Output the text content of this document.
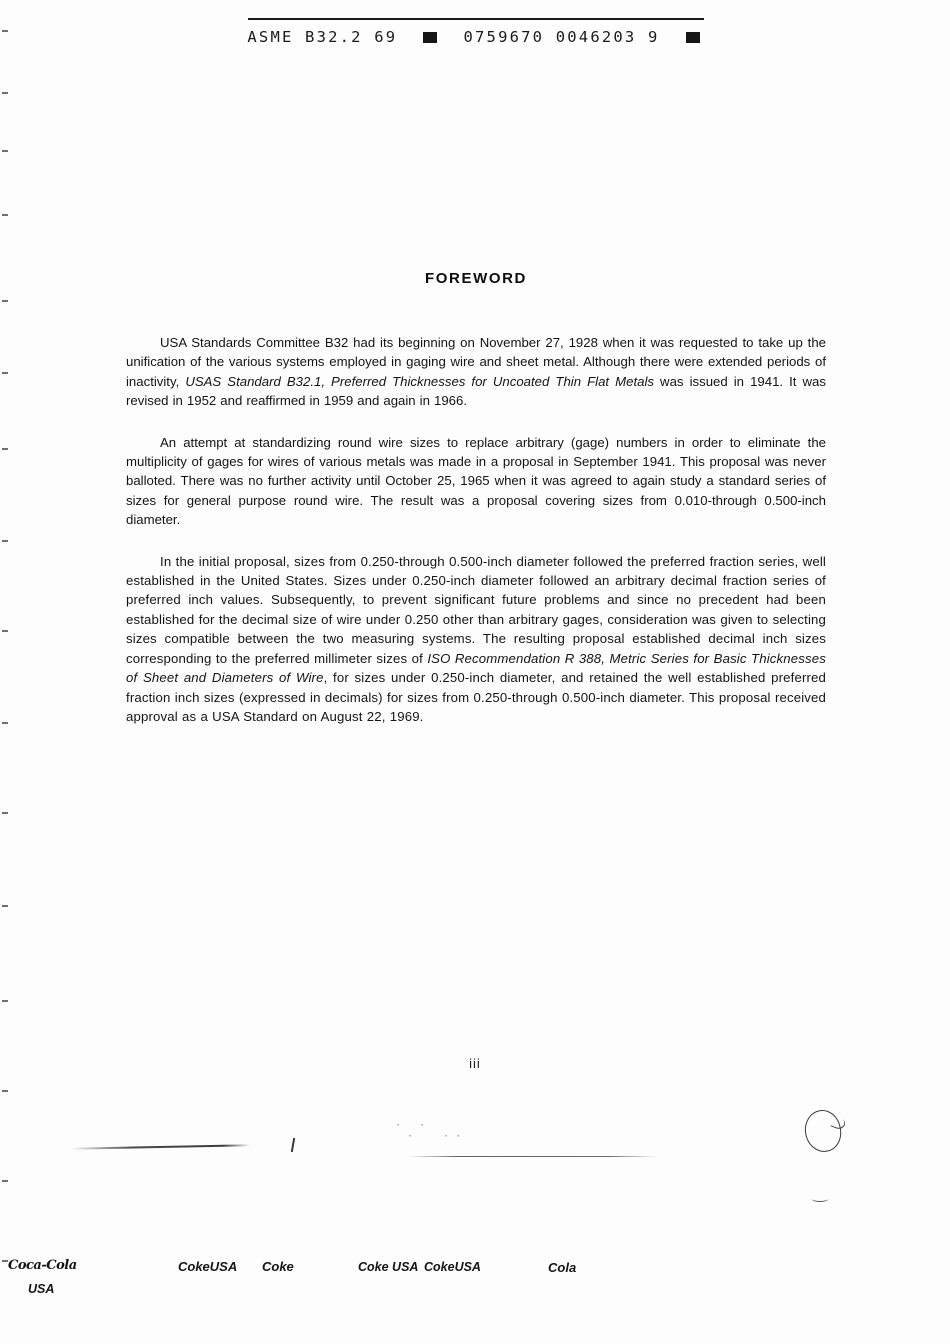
ASME B32.2 69	0759670 0046203 9
FOREWORD

USA Standards Committee B32 had its beginning on November 27, 1928 when it was requested to take up the unification of the various systems employed in gaging wire and sheet metal. Although there were extended periods of inactivity, USAS Standard B32.1, Preferred Thicknesses for Uncoated Thin Flat Metals was issued in 1941. It was revised in 1952 and reaffirmed in 1959 and again in 1966.

An attempt at standardizing round wire sizes to replace arbitrary (gage) numbers in order to eliminate the multiplicity of gages for wires of various metals was made in a proposal in September 1941. This proposal was never balloted. There was no further activity until October 25, 1965 when it was agreed to again study a standard series of sizes for general purpose round wire. The result was a proposal covering sizes from 0.010-through 0.500-inch diameter.

In the initial proposal, sizes from 0.250-through 0.500-inch diameter followed the preferred fraction series, well established in the United States. Sizes under 0.250-inch diameter followed an arbitrary decimal fraction series of preferred inch values. Subsequently, to prevent significant future problems and since no precedent had been established for the decimal size of wire under 0.250 other than arbitrary gages, consideration was given to selecting sizes compatible between the two measuring systems. The resulting proposal established decimal inch sizes corresponding to the preferred millimeter sizes of ISO Recommendation R 388, Metric Series for Basic Thicknesses of Sheet and Diameters of Wire, for sizes under 0.250-inch diameter, and retained the well established preferred fraction inch sizes (expressed in decimals) for sizes from 0.250-through 0.500-inch diameter. This proposal received approval as a USA Standard on August 22, 1969.

iii
·   ·
·     · ·
Coca-Cola
USA
CokeUSA Coke	Coke USA CokeUSA	Cola
